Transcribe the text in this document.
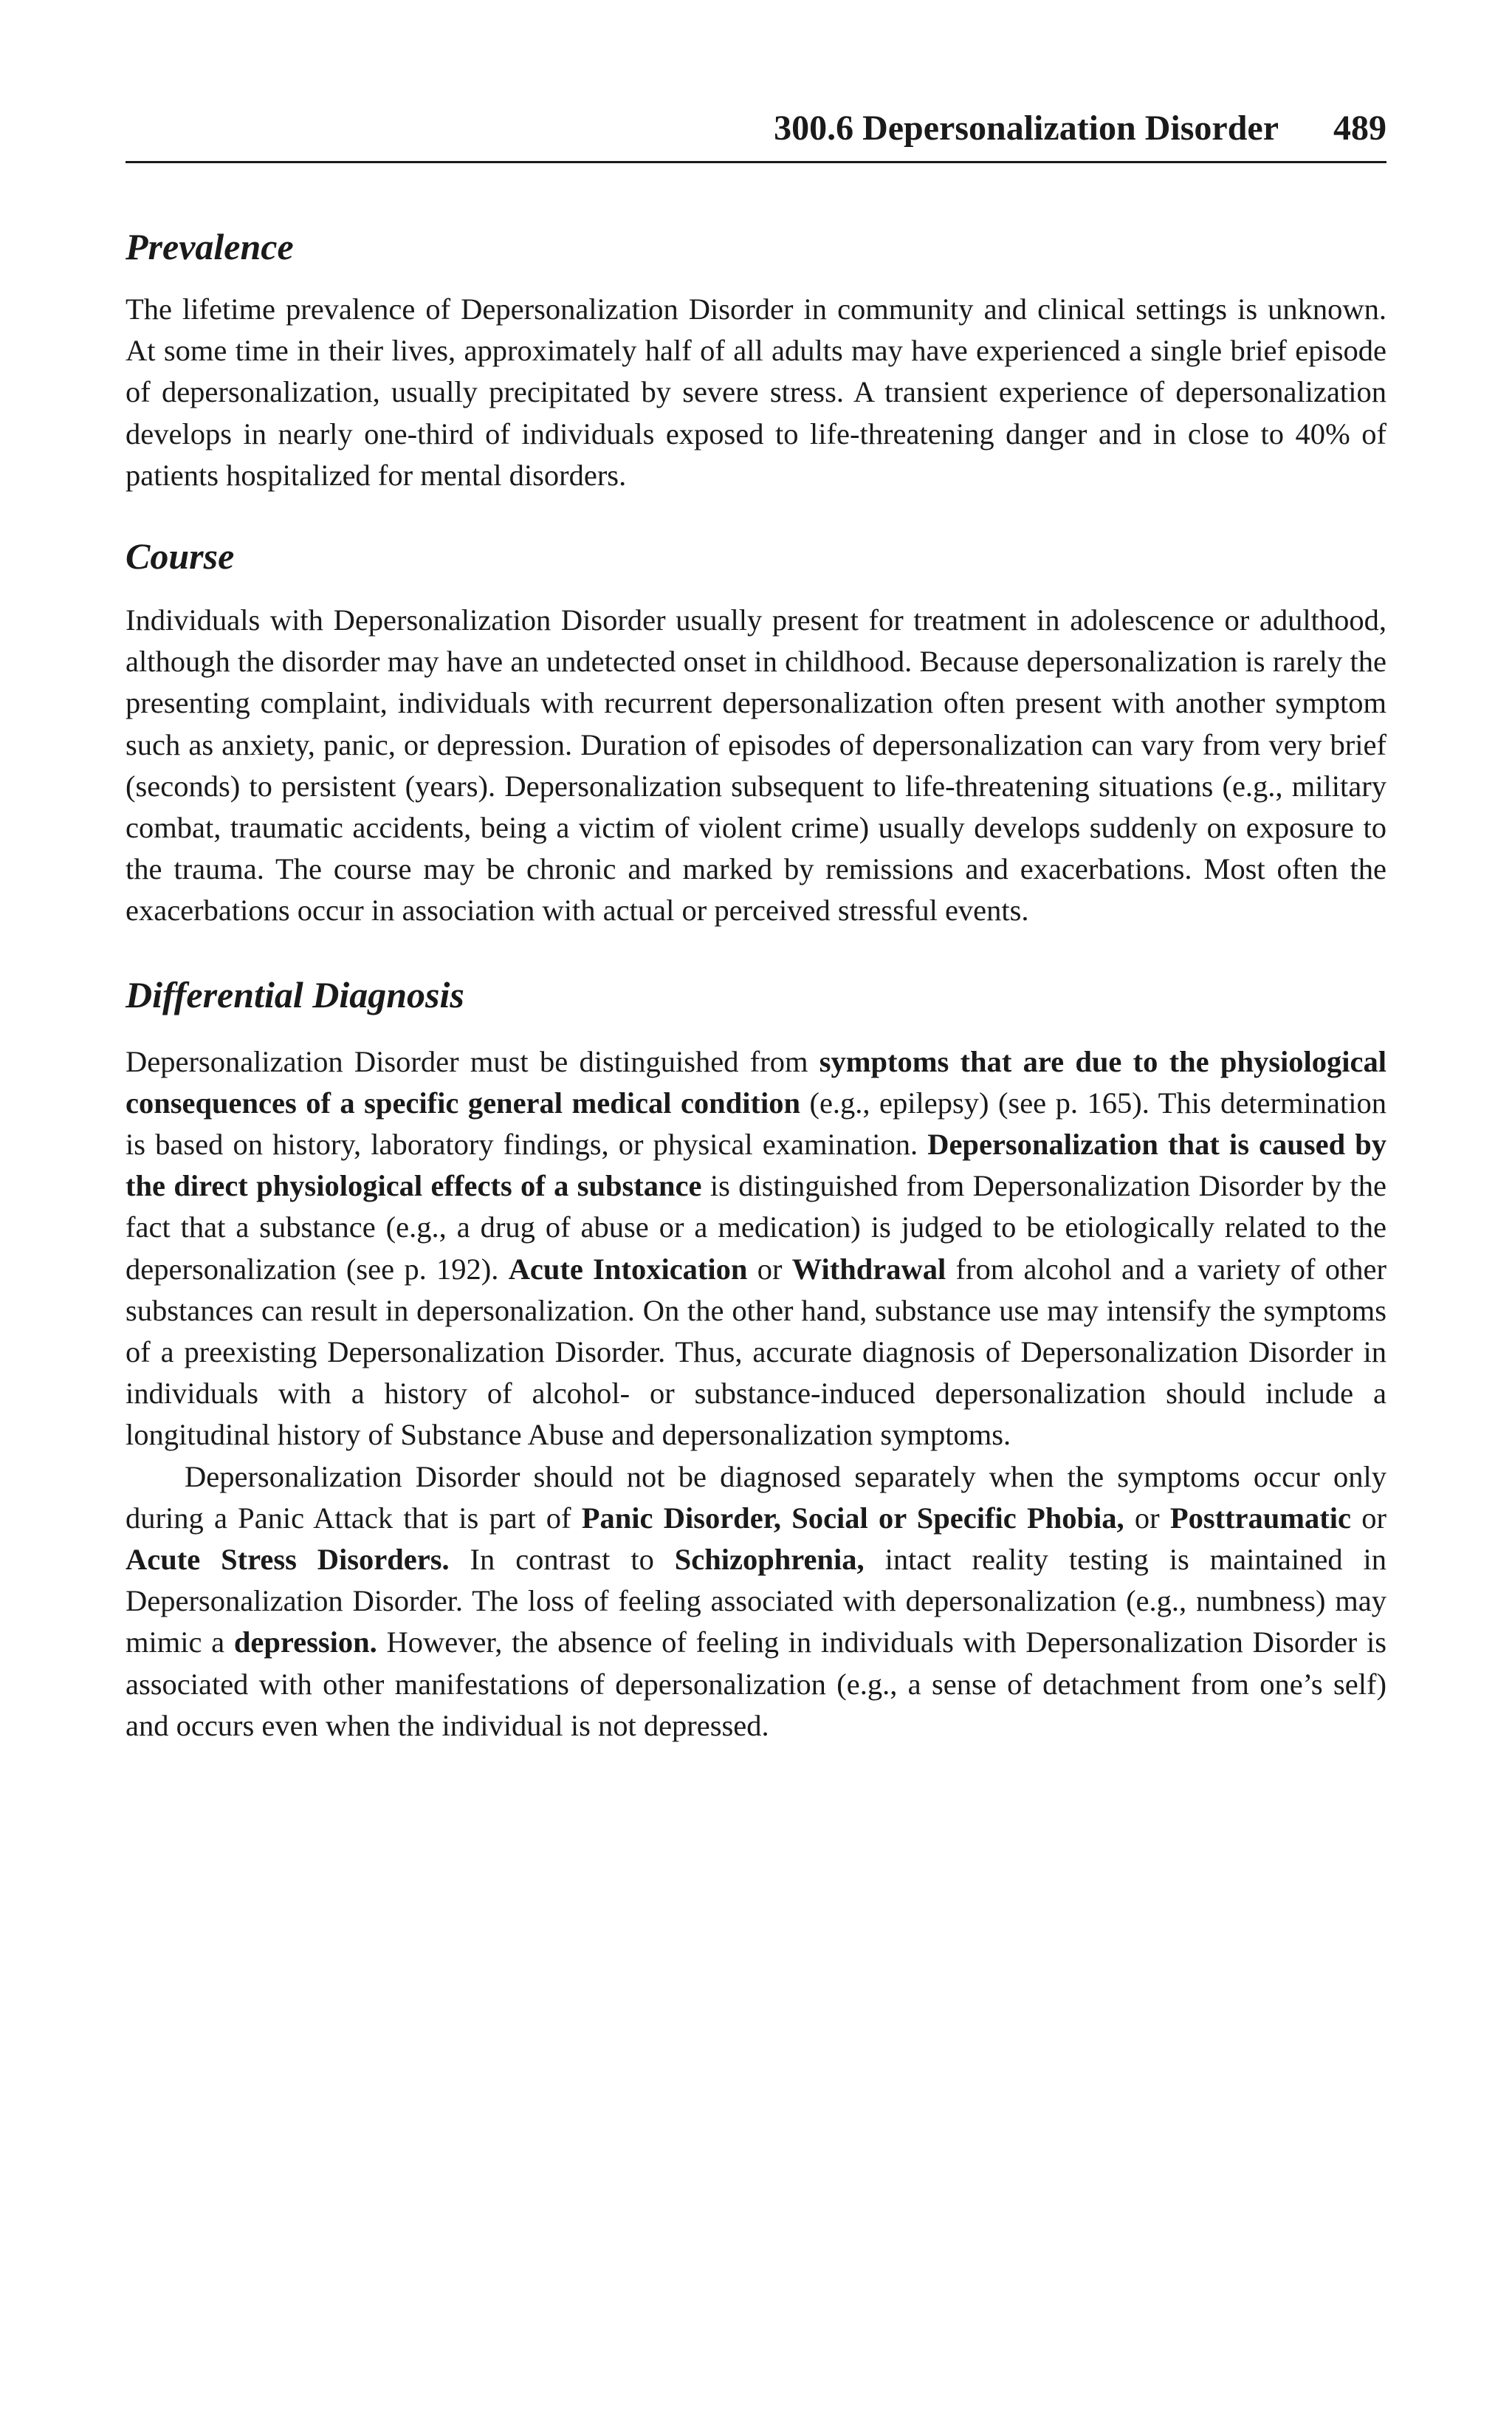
300.6 Depersonalization Disorder 489
Prevalence

The lifetime prevalence of Depersonalization Disorder in community and clinical settings is unknown. At some time in their lives, approximately half of all adults may have experienced a single brief episode of depersonalization, usually precipitated by severe stress. A transient experience of depersonalization develops in nearly one-third of individuals exposed to life-threatening danger and in close to 40% of patients hospitalized for mental disorders.

Course

Individuals with Depersonalization Disorder usually present for treatment in adolescence or adulthood, although the disorder may have an undetected onset in childhood. Because depersonalization is rarely the presenting complaint, individuals with recurrent depersonalization often present with another symptom such as anxiety, panic, or depression. Duration of episodes of depersonalization can vary from very brief (seconds) to persistent (years). Depersonalization subsequent to life-threatening situations (e.g., military combat, traumatic accidents, being a victim of violent crime) usually develops suddenly on exposure to the trauma. The course may be chronic and marked by remissions and exacerbations. Most often the exacerbations occur in association with actual or perceived stressful events.

Differential Diagnosis

Depersonalization Disorder must be distinguished from symptoms that are due to the physiological consequences of a specific general medical condition (e.g., epilepsy) (see p. 165). This determination is based on history, laboratory findings, or physical examination. Depersonalization that is caused by the direct physiological effects of a substance is distinguished from Depersonalization Disorder by the fact that a substance (e.g., a drug of abuse or a medication) is judged to be etiologically related to the depersonalization (see p. 192). Acute Intoxication or Withdrawal from alcohol and a variety of other substances can result in depersonalization. On the other hand, substance use may intensify the symptoms of a preexisting Depersonalization Disorder. Thus, accurate diagnosis of Depersonalization Disorder in individuals with a history of alcohol- or substance-induced depersonalization should include a longitudinal history of Substance Abuse and depersonalization symptoms.

Depersonalization Disorder should not be diagnosed separately when the symptoms occur only during a Panic Attack that is part of Panic Disorder, Social or Specific Phobia, or Posttraumatic or Acute Stress Disorders. In contrast to Schizophrenia, intact reality testing is maintained in Depersonalization Disorder. The loss of feeling associated with depersonalization (e.g., numbness) may mimic a depression. However, the absence of feeling in individuals with Depersonalization Disorder is associated with other manifestations of depersonalization (e.g., a sense of detachment from one’s self) and occurs even when the individual is not depressed.
